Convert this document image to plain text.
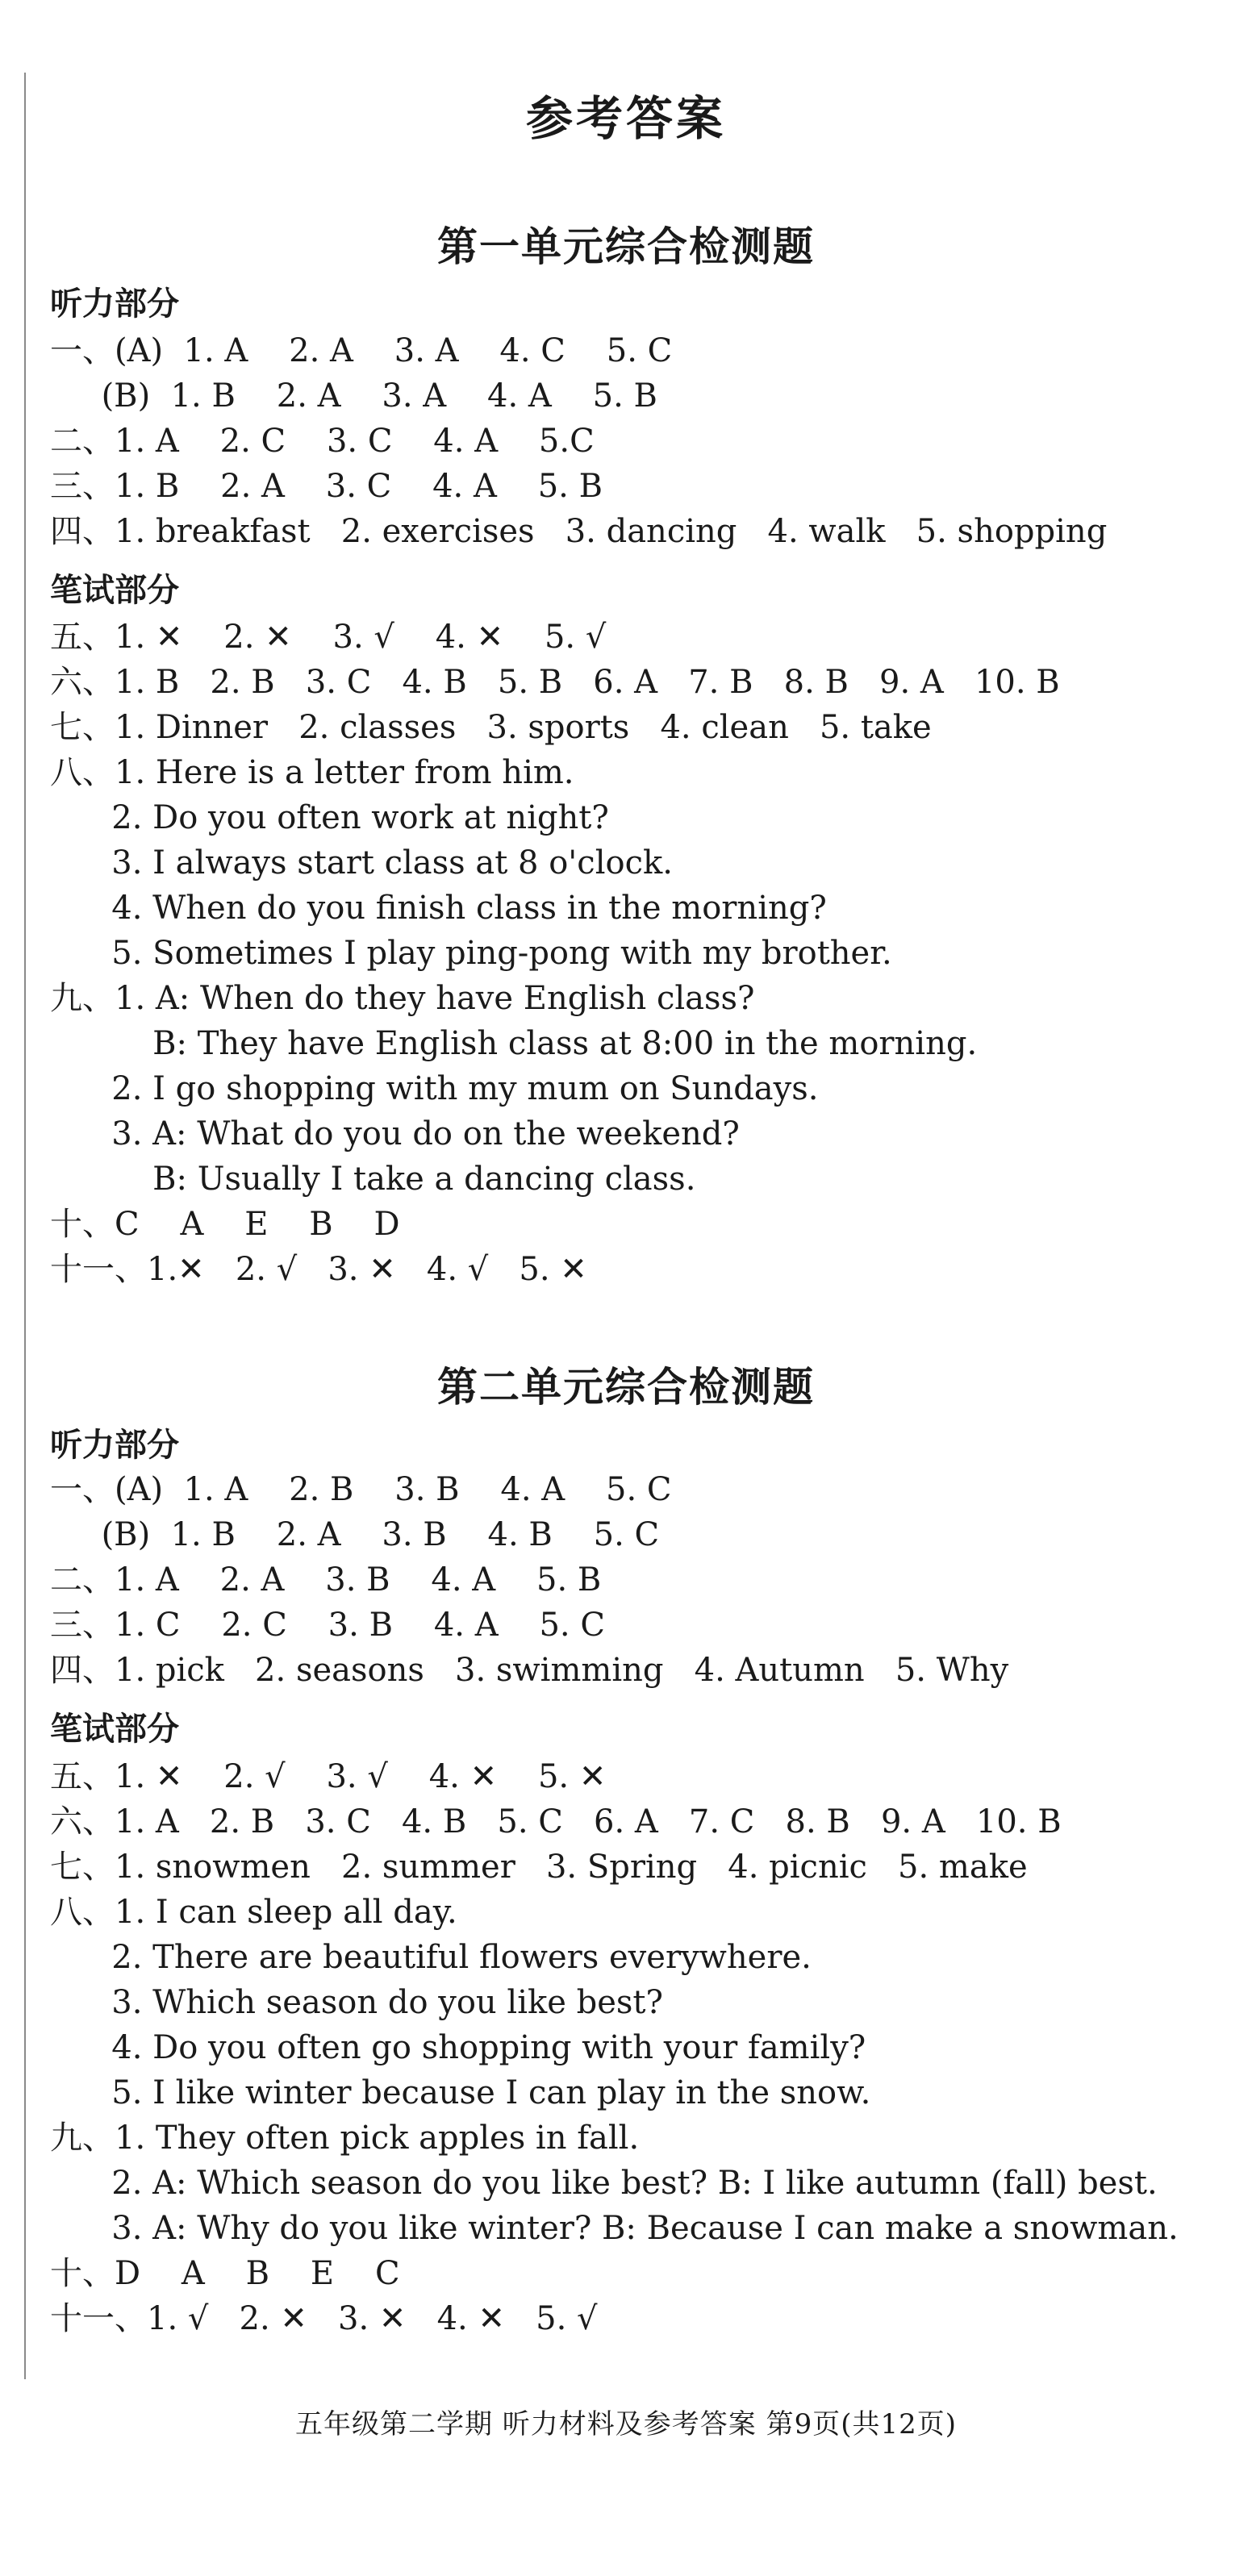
参考答案
第一单元综合检测题
听力部分
一、(A)  1. A    2. A    3. A    4. C    5. C
(B)  1. B    2. A    3. A    4. A    5. B
二、1. A    2. C    3. C    4. A    5.C
三、1. B    2. A    3. C    4. A    5. B
四、1. breakfast   2. exercises   3. dancing   4. walk   5. shopping
笔试部分
五、1. ✕    2. ✕    3. √    4. ✕    5. √
六、1. B   2. B   3. C   4. B   5. B   6. A   7. B   8. B   9. A   10. B
七、1. Dinner   2. classes   3. sports   4. clean   5. take
八、1. Here is a letter from him.
2. Do you often work at night?
3. I always start class at 8 o'clock.
4. When do you finish class in the morning?
5. Sometimes I play ping-pong with my brother.
九、1. A: When do they have English class?
B: They have English class at 8:00 in the morning.
2. I go shopping with my mum on Sundays.
3. A: What do you do on the weekend?
B: Usually I take a dancing class.
十、C    A    E    B    D
十一、1.✕   2. √   3. ✕   4. √   5. ✕
第二单元综合检测题
听力部分
一、(A)  1. A    2. B    3. B    4. A    5. C
(B)  1. B    2. A    3. B    4. B    5. C
二、1. A    2. A    3. B    4. A    5. B
三、1. C    2. C    3. B    4. A    5. C
四、1. pick   2. seasons   3. swimming   4. Autumn   5. Why
笔试部分
五、1. ✕    2. √    3. √    4. ✕    5. ✕
六、1. A   2. B   3. C   4. B   5. C   6. A   7. C   8. B   9. A   10. B
七、1. snowmen   2. summer   3. Spring   4. picnic   5. make
八、1. I can sleep all day.
2. There are beautiful flowers everywhere.
3. Which season do you like best?
4. Do you often go shopping with your family?
5. I like winter because I can play in the snow.
九、1. They often pick apples in fall.
2. A: Which season do you like best? B: I like autumn (fall) best.
3. A: Why do you like winter? B: Because I can make a snowman.
十、D    A    B    E    C
十一、1. √   2. ✕   3. ✕   4. ✕   5. √
五年级第二学期 听力材料及参考答案 第9页(共12页)
